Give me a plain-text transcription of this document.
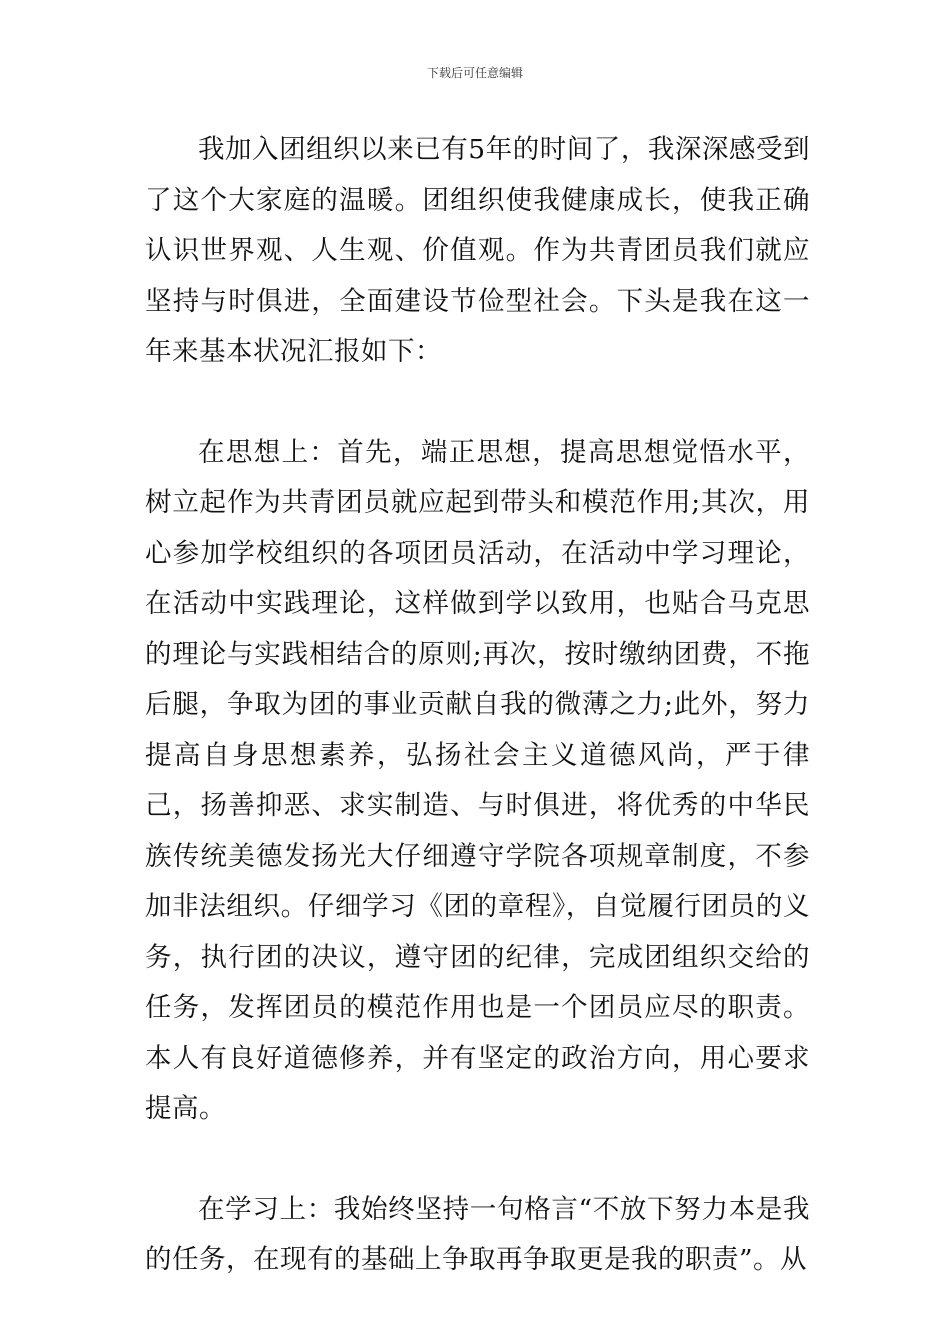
下载后可任意编辑

我加入团组织以来已有5年的时间了，我深深感受到了这个大家庭的温暖。团组织使我健康成长，使我正确认识世界观、人生观、价值观。作为共青团员我们就应坚持与时俱进，全面建设节俭型社会。下头是我在这一年来基本状况汇报如下：

在思想上：首先，端正思想，提高思想觉悟水平，树立起作为共青团员就应起到带头和模范作用;其次，用心参加学校组织的各项团员活动，在活动中学习理论，在活动中实践理论，这样做到学以致用，也贴合马克思的理论与实践相结合的原则;再次，按时缴纳团费，不拖后腿，争取为团的事业贡献自我的微薄之力;此外，努力提高自身思想素养，弘扬社会主义道德风尚，严于律己，扬善抑恶、求实制造、与时俱进，将优秀的中华民族传统美德发扬光大仔细遵守学院各项规章制度，不参加非法组织。仔细学习《团的章程》，自觉履行团员的义务，执行团的决议，遵守团的纪律，完成团组织交给的任务，发挥团员的模范作用也是一个团员应尽的职责。本人有良好道德修养，并有坚定的政治方向，用心要求提高。

在学习上：我始终坚持一句格言“不放下努力本是我的任务，在现有的基础上争取再争取更是我的职责”。从
